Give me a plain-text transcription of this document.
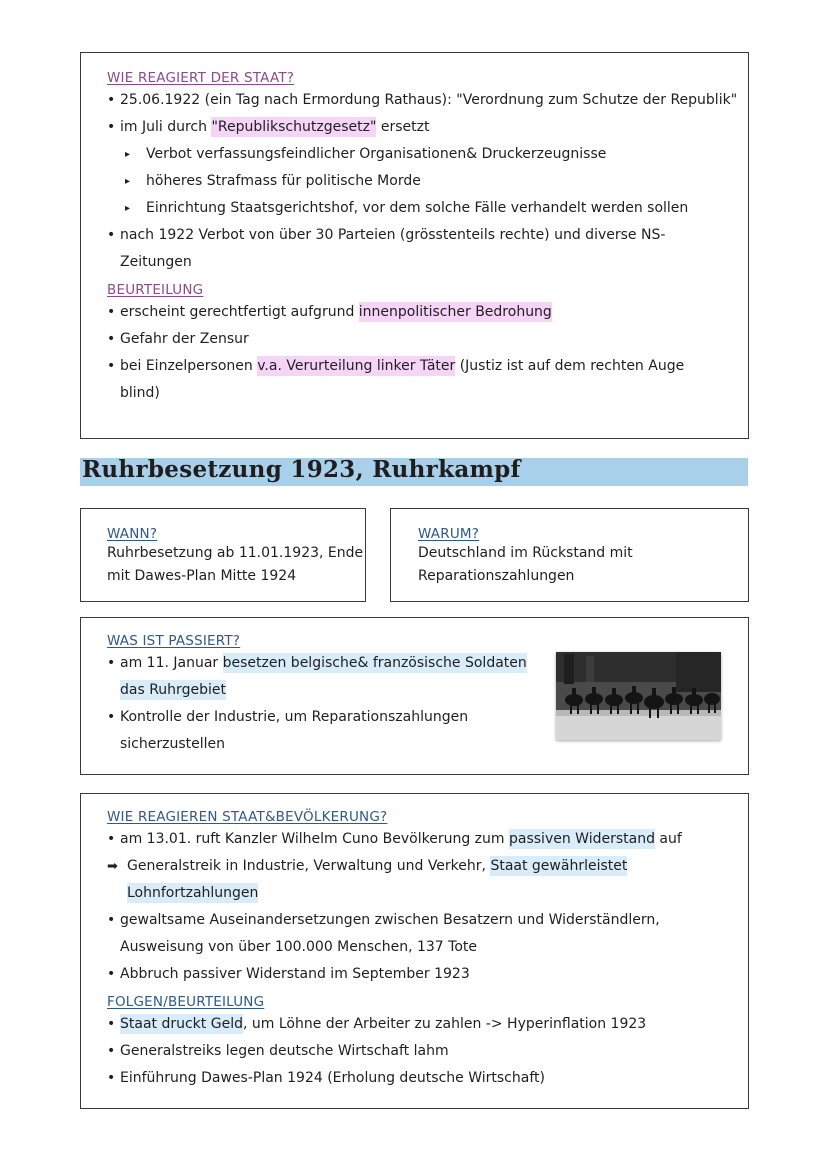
WIE REAGIERT DER STAAT?
• 25.06.1922 (ein Tag nach Ermordung Rathaus): "Verordnung zum Schutze der Republik"
• im Juli durch "Republikschutzgesetz" ersetzt
▸ Verbot verfassungsfeindlicher Organisationen& Druckerzeugnisse
▸ höheres Strafmass für politische Morde
▸ Einrichtung Staatsgerichtshof, vor dem solche Fälle verhandelt werden sollen
• nach 1922 Verbot von über 30 Parteien (grösstenteils rechte) und diverse NS-
Zeitungen
BEURTEILUNG
• erscheint gerechtfertigt aufgrund innenpolitischer Bedrohung
• Gefahr der Zensur
• bei Einzelpersonen v.a. Verurteilung linker Täter (Justiz ist auf dem rechten Auge
blind)
Ruhrbesetzung 1923, Ruhrkampf
WANN?
Ruhrbesetzung ab 11.01.1923, Ende
mit Dawes-Plan Mitte 1924
WARUM?
Deutschland im Rückstand mit
Reparationszahlungen
WAS IST PASSIERT?
• am 11. Januar besetzen belgische& französische Soldaten
das Ruhrgebiet
• Kontrolle der Industrie, um Reparationszahlungen
sicherzustellen
WIE REAGIEREN STAAT&BEVÖLKERUNG?
• am 13.01. ruft Kanzler Wilhelm Cuno Bevölkerung zum passiven Widerstand auf
➡ Generalstreik in Industrie, Verwaltung und Verkehr, Staat gewährleistet
Lohnfortzahlungen
• gewaltsame Auseinandersetzungen zwischen Besatzern und Widerständlern,
Ausweisung von über 100.000 Menschen, 137 Tote
• Abbruch passiver Widerstand im September 1923
FOLGEN/BEURTEILUNG
• Staat druckt Geld, um Löhne der Arbeiter zu zahlen -> Hyperinflation 1923
• Generalstreiks legen deutsche Wirtschaft lahm
• Einführung Dawes-Plan 1924 (Erholung deutsche Wirtschaft)
